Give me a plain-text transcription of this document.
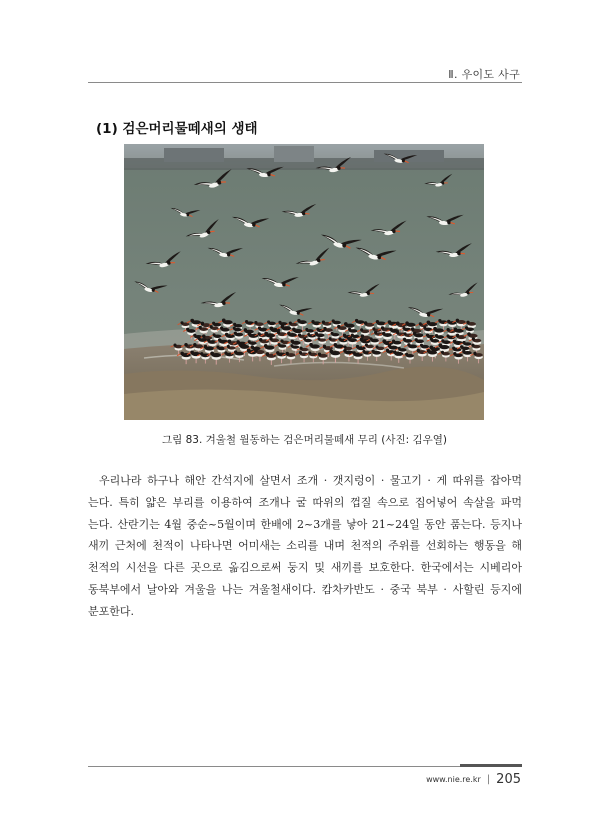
Ⅱ. 우이도 사구
(1) 검은머리물떼새의 생태
그림 83. 겨울철 월동하는 검은머리물떼새 무리 (사진: 김우열)
우리나라 하구나 해안 간석지에 살면서 조개 · 갯지렁이 · 물고기 · 게 따위를 잡아먹
는다. 특히 얇은 부리를 이용하여 조개나 굴 따위의 껍질 속으로 집어넣어 속살을 파먹
는다. 산란기는 4월 중순~5월이며 한배에 2~3개를 낳아 21~24일 동안 품는다. 등지나
새끼 근처에 천적이 나타나면 어미새는 소리를 내며 천적의 주위를 선회하는 행동을 해
천적의 시선을 다른 곳으로 옮김으로써 둥지 및 새끼를 보호한다. 한국에서는 시베리아
동북부에서 날아와 겨울을 나는 겨울철새이다. 캄차카반도 · 중국 북부 · 사할린 등지에
분포한다.
www.nie.re.kr | 205
